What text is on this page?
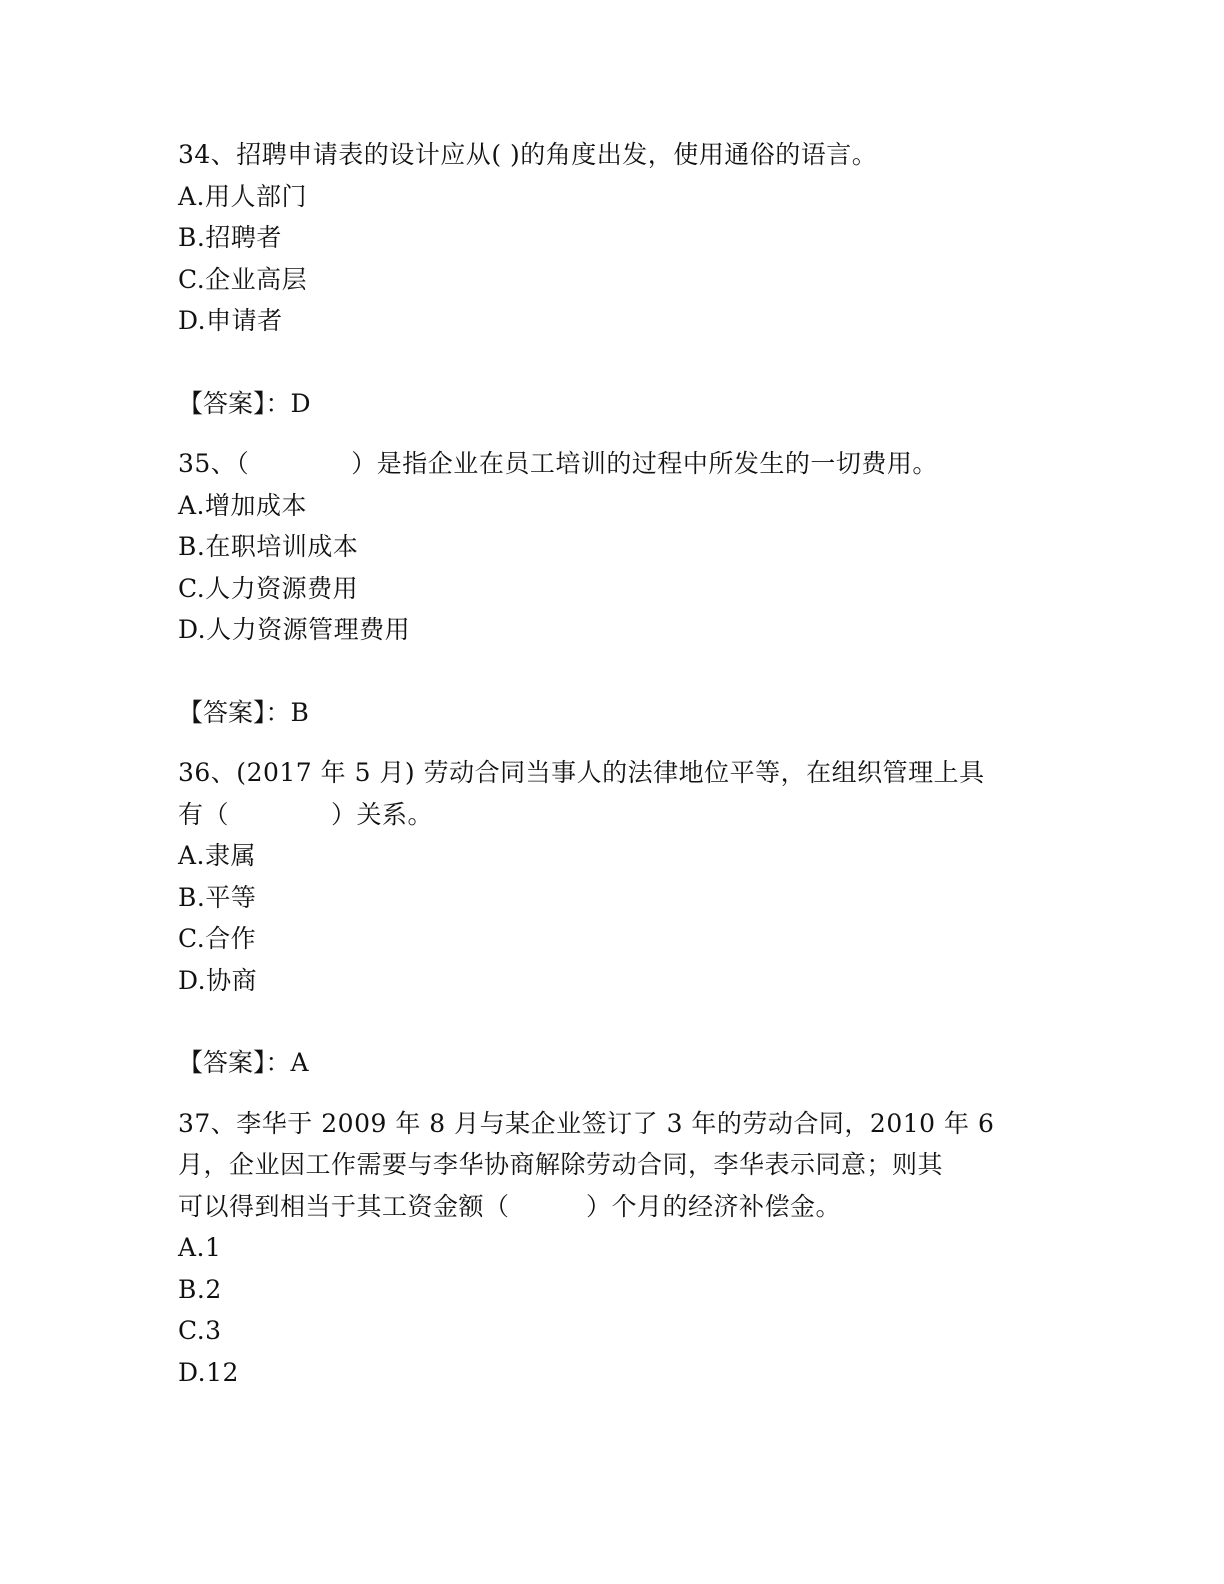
34、招聘申请表的设计应从( )的角度出发，使用通俗的语言。
A.用人部门
B.招聘者
C.企业高层
D.申请者
【答案】：D
35、（　　　　）是指企业在员工培训的过程中所发生的一切费用。
A.增加成本
B.在职培训成本
C.人力资源费用
D.人力资源管理费用
【答案】：B
36、(2017 年 5 月) 劳动合同当事人的法律地位平等，在组织管理上具
有（　　　　）关系。
A.隶属
B.平等
C.合作
D.协商
【答案】：A
37、李华于 2009 年 8 月与某企业签订了 3 年的劳动合同，2010 年 6
月，企业因工作需要与李华协商解除劳动合同，李华表示同意；则其
可以得到相当于其工资金额（　　　）个月的经济补偿金。
A.1
B.2
C.3
D.12
